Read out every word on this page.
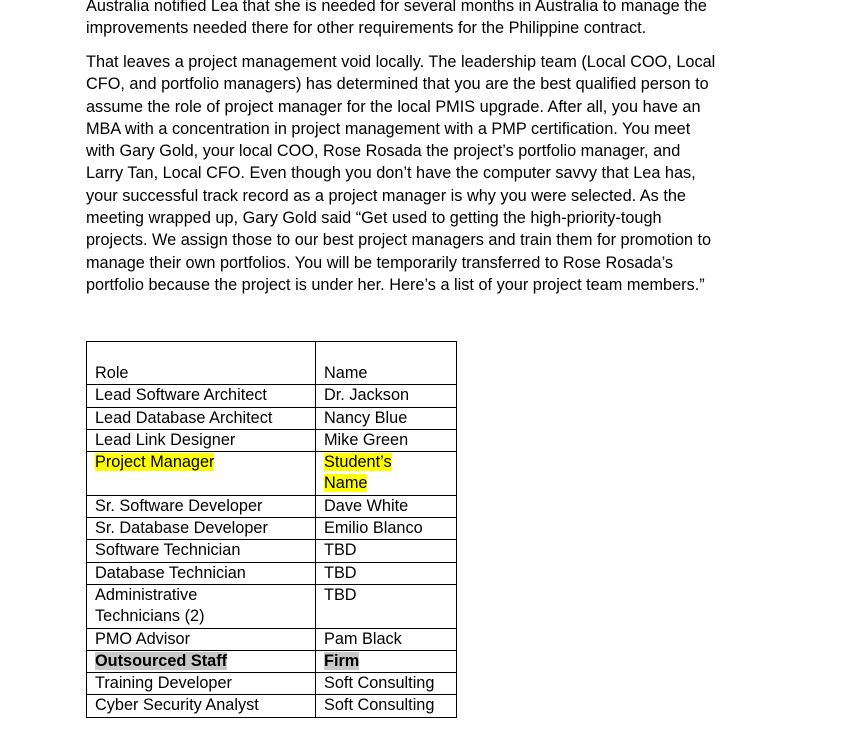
Australia notified Lea that she is needed for several months in Australia to manage the
improvements needed there for other requirements for the Philippine contract.

That leaves a project management void locally. The leadership team (Local COO, Local
CFO, and portfolio managers) has determined that you are the best qualified person to
assume the role of project manager for the local PMIS upgrade. After all, you have an
MBA with a concentration in project management with a PMP certification. You meet
with Gary Gold, your local COO, Rose Rosada the project’s portfolio manager, and
Larry Tan, Local CFO. Even though you don’t have the computer savvy that Lea has,
your successful track record as a project manager is why you were selected. As the
meeting wrapped up, Gary Gold said “Get used to getting the high-priority-tough
projects. We assign those to our best project managers and train them for promotion to
manage their own portfolios. You will be temporarily transferred to Rose Rosada’s
portfolio because the project is under her. Here’s a list of your project team members.”

Role	Name
Lead Software Architect	Dr. Jackson
Lead Database Architect	Nancy Blue
Lead Link Designer	Mike Green
Project Manager	Student’s
Name
Sr. Software Developer	Dave White
Sr. Database Developer	Emilio Blanco
Software Technician	TBD
Database Technician	TBD
Administrative
Technicians (2)	TBD
PMO Advisor	Pam Black
Outsourced Staff	Firm
Training Developer	Soft Consulting
Cyber Security Analyst	Soft Consulting
